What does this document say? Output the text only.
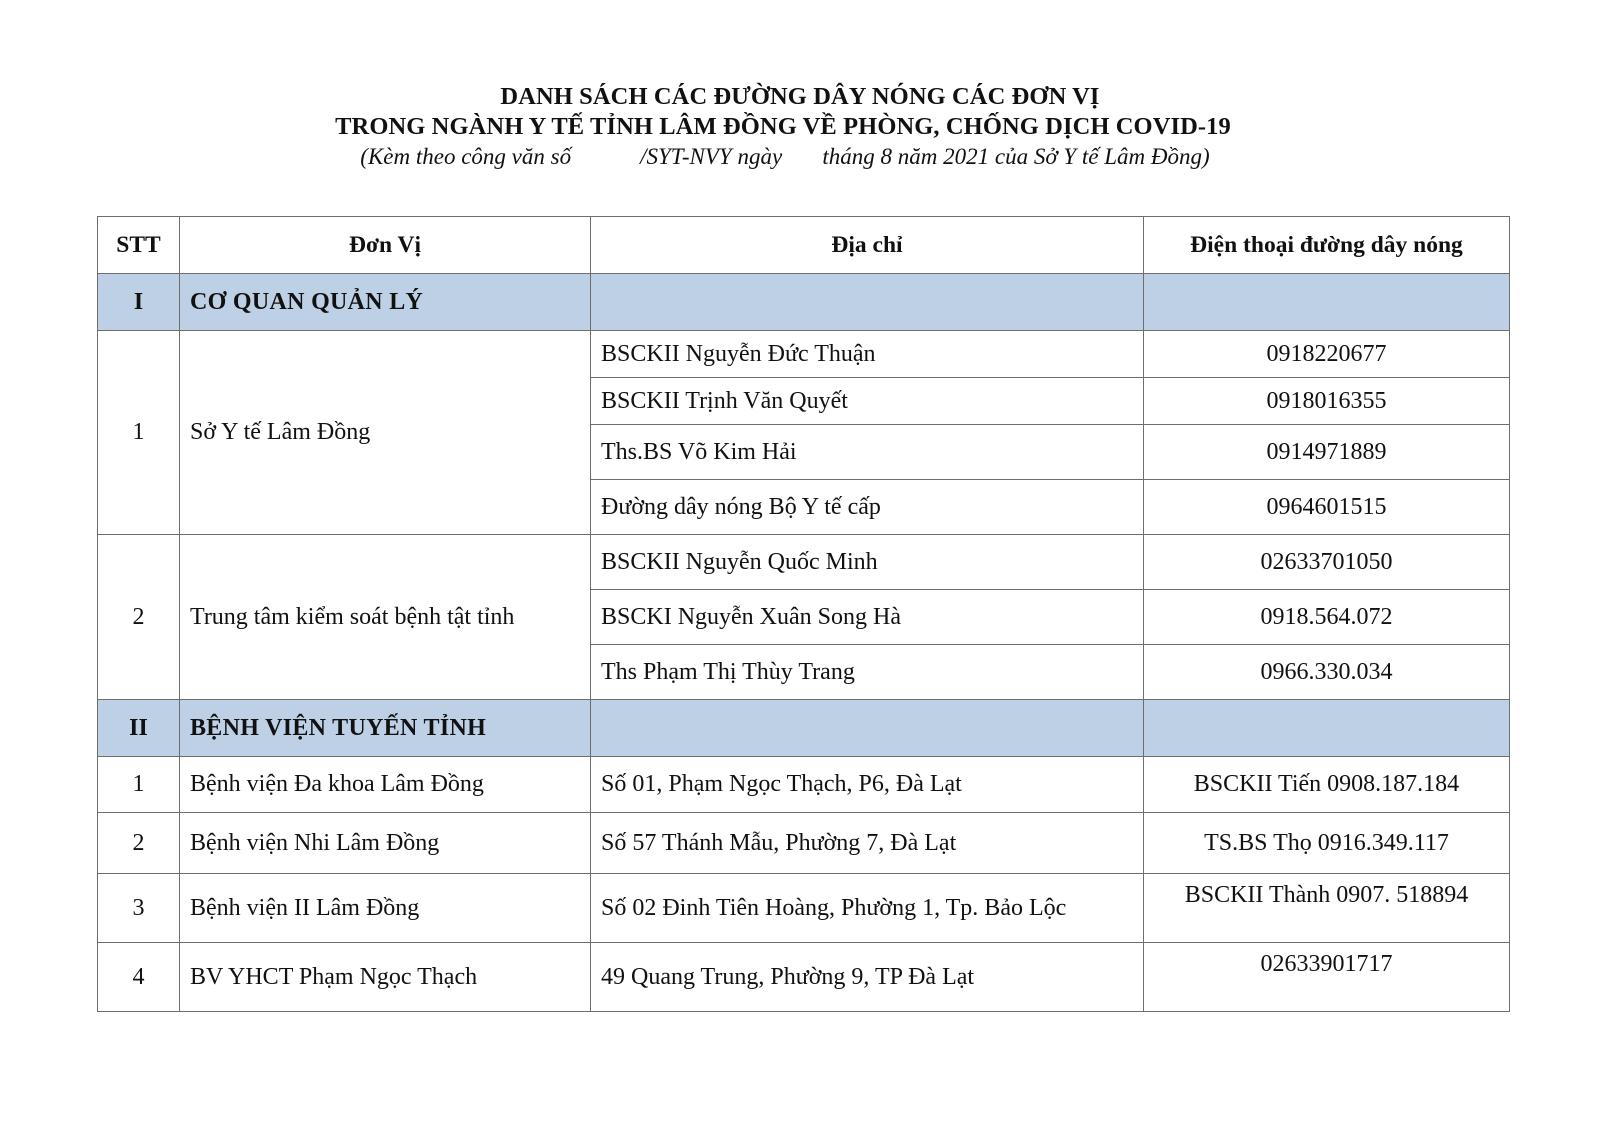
DANH SÁCH CÁC ĐƯỜNG DÂY NÓNG CÁC ĐƠN VỊ
TRONG NGÀNH Y TẾ TỈNH LÂM ĐỒNG VỀ PHÒNG, CHỐNG DỊCH COVID-19
(Kèm theo công văn số            /SYT-NVY ngày       tháng 8 năm 2021 của Sở Y tế Lâm Đồng)
STT	Đơn Vị	Địa chỉ	Điện thoại đường dây nóng
I	CƠ QUAN QUẢN LÝ		
1	Sở Y tế Lâm Đồng	BSCKII Nguyễn Đức Thuận	0918220677
		BSCKII Trịnh Văn Quyết	0918016355
		Ths.BS Võ Kim Hải	0914971889
		Đường dây nóng Bộ Y tế cấp	0964601515
2	Trung tâm kiểm soát bệnh tật tỉnh	BSCKII Nguyễn Quốc Minh	02633701050
		BSCKI Nguyễn Xuân Song Hà	0918.564.072
		Ths Phạm Thị Thùy Trang	0966.330.034
II	BỆNH VIỆN TUYẾN TỈNH		
1	Bệnh viện Đa khoa Lâm Đồng	Số 01, Phạm Ngọc Thạch, P6, Đà Lạt	BSCKII Tiến 0908.187.184
2	Bệnh viện Nhi Lâm Đồng	Số 57 Thánh Mẫu, Phường 7, Đà Lạt	TS.BS Thọ 0916.349.117
3	Bệnh viện II Lâm Đồng	Số 02 Đinh Tiên Hoàng, Phường 1, Tp. Bảo Lộc	BSCKII Thành 0907. 518894
4	BV YHCT Phạm Ngọc Thạch	49 Quang Trung, Phường 9, TP Đà Lạt	02633901717
